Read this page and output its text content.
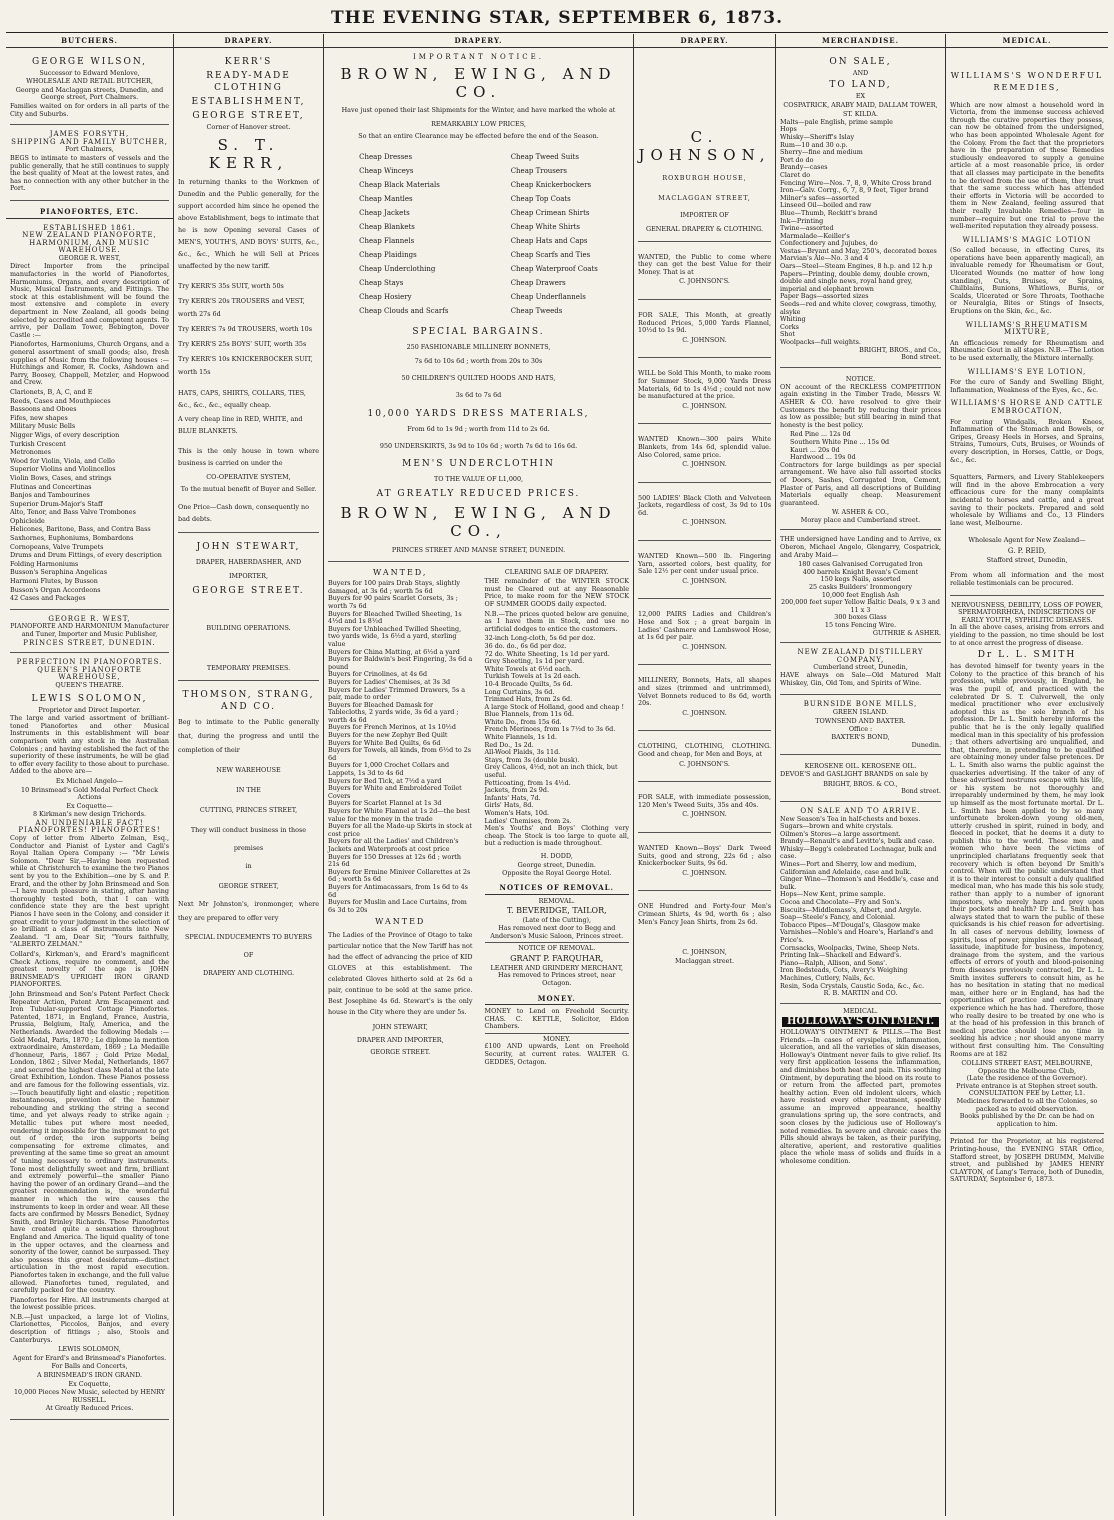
THE EVENING STAR, SEPTEMBER 6, 1873.
BUTCHERS.
GEORGE WILSON,
Successor to Edward Menlove,
WHOLESALE AND RETAIL BUTCHER,
George and Maclaggan streets, Dunedin, and George street, Port Chalmers.
Families waited on for orders in all parts of the City and Suburbs.
JAMES FORSYTH,
SHIPPING AND FAMILY BUTCHER,
Port Chalmers,

BEGS to intimate to masters of vessels and the public generally, that he still continues to supply the best quality of Meat at the lowest rates, and has no connection with any other butcher in the Port.

PIANOFORTES, ETC.
ESTABLISHED 1861.
NEW ZEALAND PIANOFORTE, HARMONIUM, AND MUSIC WAREHOUSE.
GEORGE R. WEST,

Direct Importer from the principal manufactories in the world of Pianofortes, Harmoniums, Organs, and every description of Music, Musical Instruments, and Fittings. The stock at this establishment will be found the most extensive and complete in every department in New Zealand, all goods being selected by accredited and competent agents. To arrive, per Dallam Tower, Bebington, Dover Castle :—

Pianofortes, Harmoniums, Church Organs, and a general assortment of small goods; also, fresh supplies of Music from the following houses :—Hutchings and Romer, R. Cocks, Ashdown and Parry, Boosey, Chappell, Metzler, and Hopwood and Crew.

Clarionets, B, A, C, and E
Reeds, Cases and Mouthpieces
Bassoons and Oboes
Fifes, new shapes
Military Music Bells
Nigger Wigs, of every description
Turkish Crescent
Metronomes
Wood for Violin, Viola, and Cello
Superior Violins and Violincellos
Violin Bows, Cases, and strings
Flutinas and Concertinas
Banjos and Tambourines
Superior Drum-Major's Staff
Alto, Tenor, and Bass Valve Trombones
Ophicleide
Helicones, Baritone, Bass, and Contra Bass
Saxhornes, Euphoniums, Bombardons
Cornopeans, Valve Trumpets
Drums and Drum Fittings, of every description
Folding Harmoniums
Busson's Seraphina Angelicas
Harmoni Flutes, by Busson
Busson's Organ Accordeons
42 Cases and Packages
GEORGE R. WEST,
PIANOFORTE AND HARMONIUM Manufacturer and Tuner, Importer and Music Publisher,
PRINCES STREET, DUNEDIN.
PERFECTION IN PIANOFORTES. QUEEN'S PIANOFORTE WAREHOUSE,
QUEEN'S THEATRE.
LEWIS SOLOMON,
Proprietor and Direct Importer.

The large and varied assortment of brilliant-toned Pianofortes and other Musical Instruments in this establishment will bear comparison with any stock in the Australian Colonies ; and having established the fact of the superiority of these instruments, he will be glad to offer every facility to those about to purchase. Added to the above are—

Ex Michael Angelo—
10 Brinsmead's Gold Medal Perfect Check Actions
Ex Coquette—
8 Kirkman's new design Trichords.
AN UNDENIABLE FACT! PIANOFORTES! PIANOFORTES!

Copy of letter from Alberto Zelman, Esq., Conductor and Pianist of Lyster and Cagli's Royal Italian Opera Company :— "Mr Lewis Solomon. "Dear Sir,—Having been requested while at Christchurch to examine the two Pianos sent by you to the Exhibition—one by S. and P. Erard, and the other by John Brinsmead and Son—I have much pleasure in stating, after having thoroughly tested both, that I can with confidence state they are the best upright Pianos I have seen in the Colony, and consider it great credit to your judgment in the selection of so brilliant a class of instruments into New Zealand. "I am, Dear Sir, "Yours faithfully, "ALBERTO ZELMAN."

Collard's, Kirkman's, and Erard's magnificent Check Actions, require no comment, and the greatest novelty of the age is JOHN BRINSMEAD'S UPRIGHT IRON GRAND PIANOFORTES.

John Brinsmead and Son's Patent Perfect Check Repeater Action, Patent Arm Escapement and Iron Tubular-supported Cottage Pianofortes. Patented, 1871, in England, France, Austria, Prussia, Belgium, Italy, America, and the Netherlands. Awarded the following Medals :—Gold Medal, Paris, 1870 ; Le diplome la mention extraordinaire, Amsterdam, 1869 ; La Medaille d'honneur, Paris, 1867 ; Gold Prize Medal, London, 1862 ; Silver Medal, Netherlands, 1867 ; and secured the highest class Medal at the late Great Exhibition, London. These Pianos possess and are famous for the following essentials, viz. :—Touch beautifully light and elastic ; repetition instantaneous, prevention of the hammer rebounding and striking the string a second time, and yet always ready to strike again ; Metallic tubes put where most needed, rendering it impossible for the instrument to get out of order, the iron supports being compensating for extreme climates, and preventing at the same time so great an amount of tuning necessary to ordinary instruments. Tone most delightfully sweet and firm, brilliant and extremely powerful—the smaller Piano having the power of an ordinary Grand—and the greatest recommendation is, the wonderful manner in which the wire causes the instruments to keep in order and wear. All these facts are confirmed by Messrs Benedict, Sydney Smith, and Brinley Richards. These Pianofortes have created quite a sensation throughout England and America. The liquid quality of tone in the upper octaves, and the clearness and sonority of the lower, cannot be surpassed. They also possess this great desideratum—distinct articulation in the most rapid execution. Pianofortes taken in exchange, and the full value allowed. Pianofortes tuned, regulated, and carefully packed for the country.

Pianofortes for Hire. All instruments charged at the lowest possible prices.

N.B.—Just unpacked, a large lot of Violins, Clarionettes, Piccolos, Banjos, and every description of fittings ; also, Stools and Canterburys.

LEWIS SOLOMON,
Agent for Erard's and Brinsmead's Pianofortes.
For Balls and Concerts,
A BRINSMEAD'S IRON GRAND.
Ex Coquette,
10,000 Pieces New Music, selected by HENRY RUSSELL.
At Greatly Reduced Prices.
DRAPERY.
KERR'S
READY-MADE CLOTHING
ESTABLISHMENT,
GEORGE STREET,
Corner of Hanover street.
S. T. KERR,

In returning thanks to the Workmen of Dunedin and the Public generally, for the support accorded him since he opened the above Establishment, begs to intimate that he is now Opening several Cases of MEN'S, YOUTH'S, AND BOYS' SUITS, &c., &c., &c., Which he will Sell at Prices unaffected by the new tariff.

Try KERR'S 35s SUIT, worth 50s

Try KERR'S 20s TROUSERS and VEST, worth 27s 6d

Try KERR'S 7s 9d TROUSERS, worth 10s

Try KERR'S 25s BOYS' SUIT, worth 35s

Try KERR'S 10s KNICKERBOCKER SUIT, worth 15s

HATS, CAPS, SHIRTS, COLLARS, TIES, &c., &c., &c., equally cheap.

A very cheap line in RED, WHITE, and BLUE BLANKETS.

This is the only house in town where business is carried on under the

CO-OPERATIVE SYSTEM,
To the mutual benefit of Buyer and Seller.

One Price—Cash down, consequently no bad debts.

JOHN STEWART,
DRAPER, HABERDASHER, AND IMPORTER,
GEORGE STREET.
BUILDING OPERATIONS.
TEMPORARY PREMISES.
THOMSON, STRANG, AND CO.

Beg to intimate to the Public generally that, during the progress and until the completion of their

NEW WAREHOUSE
IN THE
CUTTING, PRINCES STREET,
They will conduct business in those premises
in
GEORGE STREET,

Next Mr Johnston's, ironmonger, where they are prepared to offer very

SPECIAL INDUCEMENTS TO BUYERS
OF
DRAPERY AND CLOTHING.
DRAPERY.
IMPORTANT NOTICE.
BROWN, EWING, AND CO.

Have just opened their last Shipments for the Winter, and have marked the whole at

REMARKABLY LOW PRICES,
So that an entire Clearance may be effected before the end of the Season.
Cheap Dresses
Cheap Winceys
Cheap Black Materials
Cheap Mantles
Cheap Jackets
Cheap Blankets
Cheap Flannels
Cheap Plaidings
Cheap Underclothing
Cheap Stays
Cheap Hosiery
Cheap Clouds and Scarfs
Cheap Tweed Suits
Cheap Trousers
Cheap Knickerbockers
Cheap Top Coats
Cheap Crimean Shirts
Cheap White Shirts
Cheap Hats and Caps
Cheap Scarfs and Ties
Cheap Waterproof Coats
Cheap Drawers
Cheap Underflannels
Cheap Tweeds
SPECIAL BARGAINS.
250 FASHIONABLE MILLINERY BONNETS,
7s 6d to 10s 6d ; worth from 20s to 30s
50 CHILDREN'S QUILTED HOODS AND HATS,
3s 6d to 7s 6d
10,000 YARDS DRESS MATERIALS,
From 6d to 1s 9d ; worth from 11d to 2s 6d.
950 UNDERSKIRTS, 3s 9d to 10s 6d ; worth 7s 6d to 16s 6d.
MEN'S UNDERCLOTHIN
TO THE VALUE OF L1,000,
AT GREATLY REDUCED PRICES.
BROWN, EWING, AND CO.,
PRINCES STREET AND MANSE STREET, DUNEDIN.
WANTED,
Buyers for 100 pairs Drab Stays, slightly damaged, at 3s 6d ; worth 5s 6d
Buyers for 90 pairs Scarlet Corsets, 3s ; worth 7s 6d
Buyers for Bleached Twilled Sheeting, 1s 4½d and 1s 8½d
Buyers for Unbleached Twilled Sheeting, two yards wide, 1s 6½d a yard, sterling value
Buyers for China Matting, at 6½d a yard
Buyers for Baldwin's best Fingering, 3s 6d a pound
Buyers for Crinolines, at 4s 6d
Buyers for Ladies' Chemises, at 3s 3d
Buyers for Ladies' Trimmed Drawers, 5s a pair, made to order
Buyers for Bleached Damask for Tablecloths, 2 yards wide, 3s 6d a yard ; worth 4s 6d
Buyers for French Merinos, at 1s 10½d
Buyers for the new Zephyr Bed Quilt
Buyers for White Bed Quilts, 6s 6d
Buyers for Towels, all kinds, from 6½d to 2s 6d
Buyers for 1,000 Crochet Collars and Lappets, 1s 3d to 4s 6d
Buyers for Bed Tick, at 7½d a yard
Buyers for White and Embroidered Toilet Covers
Buyers for Scarlet Flannel at 1s 3d
Buyers for White Flannel at 1s 2d—the best value for the money in the trade
Buyers for all the Made-up Skirts in stock at cost price
Buyers for all the Ladies' and Children's Jackets and Waterproofs at cost price
Buyers for 150 Dresses at 12s 6d ; worth 21s 6d
Buyers for Ermine Miniver Collarettes at 2s 6d ; worth 5s 6d
Buyers for Antimacassars, from 1s 6d to 4s 6d
Buyers for Muslin and Lace Curtains, from 6s 3d to 20s
WANTED

The Ladies of the Province of Otago to take particular notice that the New Tariff has not had the effect of advancing the price of KID GLOVES at this establishment. The celebrated Gloves hitherto sold at 2s 6d a pair, continue to be sold at the same price. Best Josephine 4s 6d. Stewart's is the only house in the City where they are under 5s.

JOHN STEWART,
DRAPER AND IMPORTER,
GEORGE STREET.
CLEARING SALE OF DRAPERY.

THE remainder of the WINTER STOCK must be Cleared out at any Reasonable Price, to make room for the NEW STOCK OF SUMMER GOODS daily expected.

N.B.—The prices quoted below are genuine, as I have them in Stock, and use no artificial dodges to entice the customers.

32-inch Long-cloth, 5s 6d per doz.
36 do. do., 6s 6d per doz.
72 do. White Sheeting, 1s 1d per yard.
Grey Sheeting, 1s 1d per yard.
White Towels at 6½d each.
Turkish Towels at 1s 2d each.
10-4 Brocade Quilts, 5s 6d.
Long Curtains, 3s 6d.
Trimmed Hats, from 2s 6d.
A large Stock of Holland, good and cheap !
Blue Flannels, from 11s 6d.
White Do., from 15s 6d.
French Merinoes, from 1s 7½d to 3s 6d.
White Flannels, 1s 1d.
Red Do., 1s 2d.
All-Wool Plaids, 3s 11d.
Stays, from 3s (double busk).
Grey Calicos, 4½d, not an inch thick, but useful.
Petticoating, from 1s 4½d.
Jackets, from 2s 9d.
Infants' Hats, 7d.
Girls' Hats, 8d.
Women's Hats, 10d.
Ladies' Chemises, from 2s.

Men's Youths' and Boys' Clothing very cheap. The Stock is too large to quote all, but a reduction is made throughout.

H. DODD,
George street, Dunedin.
Opposite the Royal George Hotel.
NOTICES OF REMOVAL.
REMOVAL.
T. BEVERIDGE, TAILOR,
(Late of the Cutting),

Has removed next door to Begg and Anderson's Music Saloon, Princes street.

NOTICE OF REMOVAL.
GRANT P. FARQUHAR,
LEATHER AND GRINDERY MERCHANT,
Has removed to Princes street, near Octagon.
MONEY.

MONEY to Lend on Freehold Security. CHAS. C. KETTLE, Solicitor, Eldon Chambers.

MONEY.

£100 AND upwards, Lent on Freehold Security, at current rates. WALTER G. GEDDES, Octagon.

DRAPERY.
C. JOHNSON,
ROXBURGH HOUSE,
MACLAGGAN STREET,
IMPORTER OF
GENERAL DRAPERY & CLOTHING.

WANTED, the Public to come where they can get the best Value for their Money. That is at

C. JOHNSON'S.

FOR SALE, This Month, at greatly Reduced Prices, 5,000 Yards Flannel, 10½d to 1s 9d.

C. JOHNSON.

WILL be Sold This Month, to make room for Summer Stock, 9,000 Yards Dress Materials, 6d to 1s 4½d ; could not now be manufactured at the price.

C. JOHNSON.

WANTED Known—300 pairs White Blankets, from 14s 6d, splendid value. Also Colored, same price.

C. JOHNSON.

500 LADIES' Black Cloth and Velveteen Jackets, regardless of cost, 3s 9d to 10s 6d.

C. JOHNSON.

WANTED Known—500 lb. Fingering Yarn, assorted colors, best quality, for Sale 12½ per cent under usual price.

C. JOHNSON.

12,000 PAIRS Ladies and Children's Hose and Sox ; a great bargain in Ladies' Cashmere and Lambswool Hose, at 1s 6d per pair.

C. JOHNSON.

MILLINERY, Bonnets, Hats, all shapes and sizes (trimmed and untrimmed), Velvet Bonnets reduced to 8s 6d, worth 20s.

C. JOHNSON.

CLOTHING, CLOTHING, CLOTHING. Good and cheap, for Men and Boys, at

C. JOHNSON'S.

FOR SALE, with immediate possession, 120 Men's Tweed Suits, 35s and 40s.

C. JOHNSON.

WANTED Known—Boys' Dark Tweed Suits, good and strong, 22s 6d ; also Knickerbocker Suits, 9s 6d.

C. JOHNSON.

ONE Hundred and Forty-four Men's Crimean Shirts, 4s 9d, worth 6s ; also Men's Fancy Jean Shirts, from 2s 6d.

C. JOHNSON,
Maclaggan street.
MERCHANDISE.
ON SALE,
AND
TO LAND,
EX
COSPATRICK, ARABY MAID, DALLAM TOWER, ST. KILDA.
Malts—pale English, prime sample
Hops
Whisky—Sheriff's Islay
Rum—10 and 30 o.p.
Sherry—fine and medium
Port do do
Brandy—cases
Claret do
Fencing Wire—Nos. 7, 8, 9, White Cross brand
Iron—Galv. Corrg., 6, 7, 8, 9 feet, Tiger brand
Milner's safes—assorted
Linseed Oil—boiled and raw
Blue—Thumb, Reckitt's brand
Ink—Printing
Twine—assorted
Marmalade—Keiller's
Confectionery and Jujubes, do
Vestas—Bryant and May, 250's, decorated boxes
Marvian's Ale—No. 3 and 4
Oars—Steel—Steam Engines, 8 h.p. and 12 h.p
Papers—Printing, double demy, double crown, double and single news, royal hand grey, imperial and elephant brown
Paper Bags—assorted sizes
Seeds—red and white clover, cowgrass, timothy, alsyke
Whiting
Corks
Shot
Woolpacks—full weights.
BRIGHT, BROS., and Co.,
Bond street.
NOTICE.

ON account of the RECKLESS COMPETITION again existing in the Timber Trade, Messrs W. ASHER & CO. have resolved to give their Customers the benefit by reducing their prices as low as possible; but still bearing in mind that honesty is the best policy.

Red Pine ... 12s 0d
Southern White Pine ... 15s 0d
Kauri ... 20s 0d
Hardwood ... 19s 0d

Contractors for large buildings as per special arrangement. We have also full assorted stocks of Doors, Sashes, Corrugated Iron, Cement, Plaster of Paris, and all descriptions of Building Materials equally cheap. Measurement guaranteed.

W. ASHER & CO.,
Moray place and Cumberland street.

THE undersigned have Landing and to Arrive, ex Oberon, Michael Angelo, Glengarry, Cospatrick, and Araby Maid—

180 cases Galvanised Corrugated Iron
400 barrels Knight Bevan's Cement
150 kegs Nails, assorted
25 casks Builders' Ironmongery
10,000 feet English Ash
200,000 feet super Yellow Baltic Deals, 9 x 3 and 11 x 3
300 boxes Glass
15 tons Fencing Wire.
GUTHRIE & ASHER.
NEW ZEALAND DISTILLERY COMPANY,
Cumberland street, Dunedin,

HAVE always on Sale—Old Matured Malt Whiskey, Gin, Old Tom, and Spirits of Wine.

BURNSIDE BONE MILLS,
GREEN ISLAND.
TOWNSEND AND BAXTER.
Office :
BAXTER'S BOND,
Dunedin.
KEROSENE OIL. KEROSENE OIL.

DEVOE'S and GASLIGHT BRANDS on sale by

BRIGHT, BROS. & CO.,
Bond street.
ON SALE AND TO ARRIVE.
New Season's Tea in half-chests and boxes.
Sugars—brown and white crystals.
Oilmen's Stores—a large assortment.
Brandy—Renault's and Levitte's, bulk and case.
Whisky—Begg's celebrated Lochnagar, bulk and case.
Wines—Port and Sherry, low and medium, Californian and Adelaide, case and bulk.
Ginger Wine—Thomson's and Heddle's, case and bulk.
Hops—New Kent, prime sample.
Cocoa and Chocolate—Fry and Son's.
Biscuits—Middlemass's, Albert, and Argyle.
Soap—Steele's Fancy, and Colonial.
Tobacco Pipes—M'Dougal's, Glasgow make
Varnishes—Noble's and Hoare's, Harland's and Price's.
Cornsacks, Woolpacks, Twine, Sheep Nets.
Printing Ink—Shackell and Edward's.
Piano—Ralph, Allison, and Sons'.
Iron Bedsteads, Cots, Avery's Weighing Machines, Cutlery, Nails, &c.
Resin, Soda Crystals, Caustic Soda, &c., &c.
R. B. MARTIN and CO.
MEDICAL.
HOLLOWAY'S OINTMENT.

HOLLOWAY'S OINTMENT & PILLS.—The Best Friends.—In cases of erysipelas, inflammation, ulceration, and all the varieties of skin diseases, Holloway's Ointment never fails to give relief. Its very first application lessens the inflammation, and diminishes both heat and pain. This soothing Ointment, by depurating the blood on its route to or return from the affected part, promotes healthy action. Even old indolent ulcers, which have resisted every other treatment, speedily assume an improved appearance, healthy granulations spring up, the sore contracts, and soon closes by the judicious use of Holloway's noted remedies. In severe and chronic cases the Pills should always be taken, as their purifying, alterative, aperient, and restorative qualities place the whole mass of solids and fluids in a wholesome condition.

MEDICAL.
WILLIAMS'S WONDERFUL REMEDIES,

Which are now almost a household word in Victoria, from the immense success achieved through the curative properties they possess, can now be obtained from the undersigned, who has been appointed Wholesale Agent for the Colony. From the fact that the proprietors have in the preparation of these Remedies studiously endeavored to supply a genuine article at a most reasonable price, in order that all classes may participate in the benefits to be derived from the use of them, they trust that the same success which has attended their efforts in Victoria will be accorded to them in New Zealand, feeling assured that their really Invaluable Remedies—four in number—require but one trial to prove the well-merited reputation they already possess.

WILLIAMS'S MAGIC LOTION

(So called because, in effecting Cures, its operations have been apparently magical), an invaluable remedy for Rheumatism or Gout, Ulcerated Wounds (no matter of how long standing), Cuts, Bruises, or Sprains, Chilblains, Bunions, Whitlows, Burns, or Scalds, Ulcerated or Sore Throats, Toothache or Neuralgia, Bites or Stings of Insects, Eruptions on the Skin, &c., &c.

WILLIAMS'S RHEUMATISM MIXTURE,

An efficacious remedy for Rheumatism and Rheumatic Gout in all stages. N.B.—The Lotion to be used externally, the Mixture internally.

WILLIAMS'S EYE LOTION,

For the cure of Sandy and Swelling Blight, Inflammation, Weakness of the Eyes, &c., &c.

WILLIAMS'S HORSE AND CATTLE EMBROCATION,

For curing Windgalls, Broken Knees, Inflammation of the Stomach and Bowels, or Gripes, Greasy Heels in Horses, and Sprains, Strains, Tumours, Cuts, Bruises, or Wounds of every description, in Horses, Cattle, or Dogs, &c., &c.

Squatters, Farmers, and Livery Stablekeepers will find in the above Embrocation a very efficacious cure for the many complaints incidental to horses and cattle, and a great saving to their pockets. Prepared and sold wholesale by Williams and Co., 13 Flinders lane west, Melbourne.

Wholesale Agent for New Zealand—
G. P. REID,
Stafford street, Dunedin,

From whom all information and the most reliable testimonials can be procured.

NERVOUSNESS, DEBILITY, LOSS OF POWER, SPERMATORRHŒA, INDISCRETIONS OF EARLY YOUTH, SYPHILITIC DISEASES.

In all the above cases, arising from errors and yielding to the passion, no time should be lost to at once arrest the progress of disease.

Dr L. L. SMITH

has devoted himself for twenty years in the Colony to the practice of this branch of his profession, while previously, in England, he was the pupil of, and practiced with the celebrated Dr S. T. Culverwell, the only medical practitioner who ever exclusively adopted this as the sole branch of his profession. Dr L. L. Smith hereby informs the public that he is the only legally qualified medical man in this speciality of his profession ; that others advertising are unqualified, and that, therefore, in pretending to be qualified are obtaining money under false pretences. Dr L. L. Smith also warns the public against the quackeries advertising. If the taker of any of these advertised nostrums escape with his life, or his system be not thoroughly and irreparably undermined by them, he may look up himself as the most fortunate mortal. Dr L. L. Smith has been applied to by so many unfortunate broken-down young old-men, utterly crushed in spirit, ruined in body, and fleeced in pocket, that he deems it a duty to publish this to the world. These men and women who have been the victims of unprincipled charlatans frequently seek that recovery which is often beyond Dr Smith's control. When will the public understand that it is to their interest to consult a duly qualified medical man, who has made this his sole study, rather than apply to a number of ignorant impostors, who merely harp and prey upon their pockets and health? Dr L. L. Smith has always stated that to warn the public of these quicksands is his chief reason for advertising. In all cases of nervous debility, lowness of spirits, loss of power, pimples on the forehead, lassitude, inaptitude for business, impotency, drainage from the system, and the various effects of errors of youth and blood-poisoning from diseases previously contracted, Dr L. L. Smith invites sufferers to consult him, as he has no hesitation in stating that no medical man, either here or in England, has had the opportunities of practice and extraordinary experience which he has had. Therefore, those who really desire to be treated by one who is at the head of his profession in this branch of medical practice should lose no time in seeking his advice ; nor should anyone marry without first consulting him. The Consulting Rooms are at 182

COLLINS STREET EAST, MELBOURNE,
Opposite the Melbourne Club,
(Late the residence of the Governor).
Private entrance is at Stephen street south.
CONSULTATION FEE by Letter, L1.
Medicines forwarded to all the Colonies, so packed as to avoid observation.
Books published by the Dr. can be had on application to him.

Printed for the Proprietor, at his registered Printing-house, the EVENING STAR Office, Stafford street, by JOSEPH DRUMM, Melville street, and published by JAMES HENRY CLAYTON, of Lang's Terrace, both of Dunedin, SATURDAY, September 6, 1873.
